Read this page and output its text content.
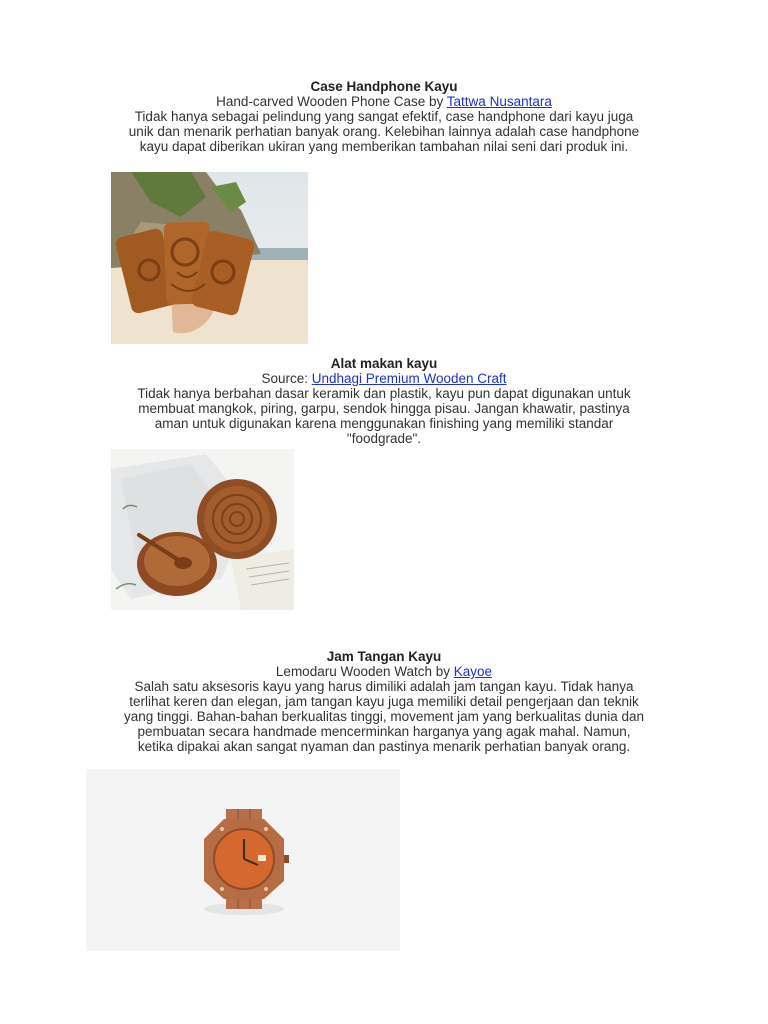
Case Handphone Kayu
Hand-carved Wooden Phone Case by Tattwa Nusantara
Tidak hanya sebagai pelindung yang sangat efektif, case handphone dari kayu juga
unik dan menarik perhatian banyak orang. Kelebihan lainnya adalah case handphone
kayu dapat diberikan ukiran yang memberikan tambahan nilai seni dari produk ini.
Alat makan kayu
Source: Undhagi Premium Wooden Craft
Tidak hanya berbahan dasar keramik dan plastik, kayu pun dapat digunakan untuk
membuat mangkok, piring, garpu, sendok hingga pisau. Jangan khawatir, pastinya
aman untuk digunakan karena menggunakan finishing yang memiliki standar
"foodgrade".
Jam Tangan Kayu
Lemodaru Wooden Watch by Kayoe
Salah satu aksesoris kayu yang harus dimiliki adalah jam tangan kayu. Tidak hanya
terlihat keren dan elegan, jam tangan kayu juga memiliki detail pengerjaan dan teknik
yang tinggi. Bahan-bahan berkualitas tinggi, movement jam yang berkualitas dunia dan
pembuatan secara handmade mencerminkan harganya yang agak mahal. Namun,
ketika dipakai akan sangat nyaman dan pastinya menarik perhatian banyak orang.
